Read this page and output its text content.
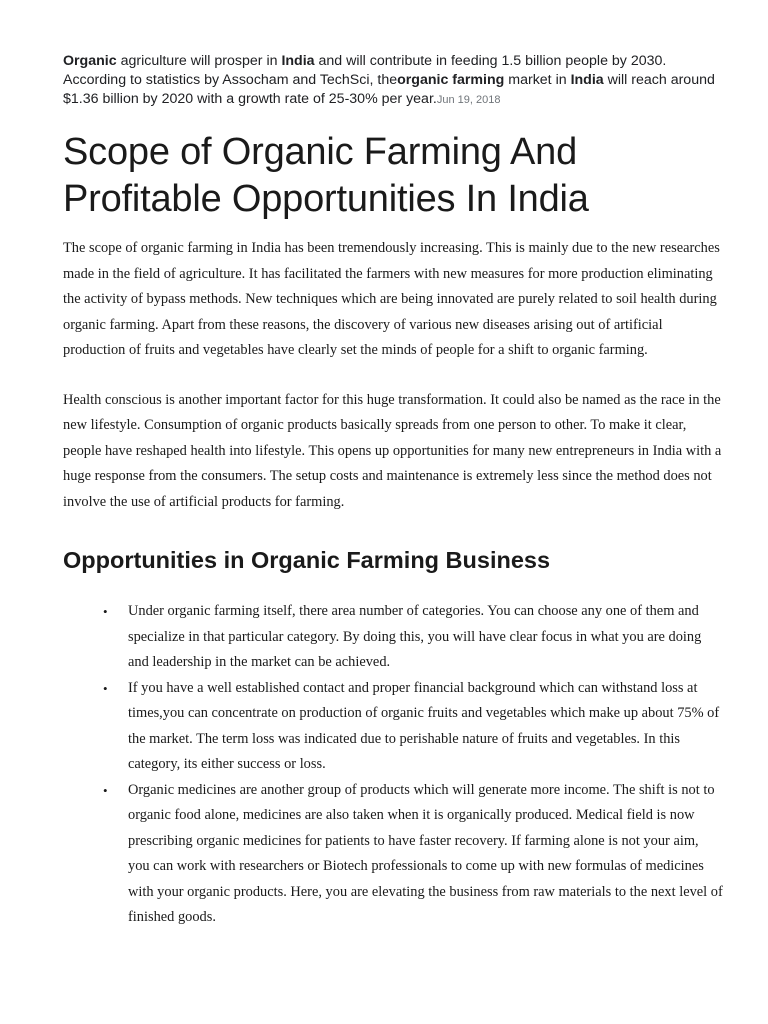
Organic agriculture will prosper in India and will contribute in feeding 1.5 billion people by 2030. According to statistics by Assocham and TechSci, theorganic farming market in India will reach around $1.36 billion by 2020 with a growth rate of 25-30% per year.Jun 19, 2018

Scope of Organic Farming And Profitable Opportunities In India

The scope of organic farming in India has been tremendously increasing. This is mainly due to the new researches made in the field of agriculture. It has facilitated the farmers with new measures for more production eliminating the activity of bypass methods. New techniques which are being innovated are purely related to soil health during organic farming. Apart from these reasons, the discovery of various new diseases arising out of artificial production of fruits and vegetables have clearly set the minds of people for a shift to organic farming.

Health conscious is another important factor for this huge transformation. It could also be named as the race in the new lifestyle. Consumption of organic products basically spreads from one person to other. To make it clear, people have reshaped health into lifestyle. This opens up opportunities for many new entrepreneurs in India with a huge response from the consumers. The setup costs and maintenance is extremely less since the method does not involve the use of artificial products for farming.

Opportunities in Organic Farming Business
• Under organic farming itself, there area number of categories. You can choose any one of them and specialize in that particular category. By doing this, you will have clear focus in what you are doing and leadership in the market can be achieved.
• If you have a well established contact and proper financial background which can withstand loss at times,you can concentrate on production of organic fruits and vegetables which make up about 75% of the market. The term loss was indicated due to perishable nature of fruits and vegetables. In this category, its either success or loss.
• Organic medicines are another group of products which will generate more income. The shift is not to organic food alone, medicines are also taken when it is organically produced. Medical field is now prescribing organic medicines for patients to have faster recovery. If farming alone is not your aim, you can work with researchers or Biotech professionals to come up with new formulas of medicines with your organic products. Here, you are elevating the business from raw materials to the next level of finished goods.
